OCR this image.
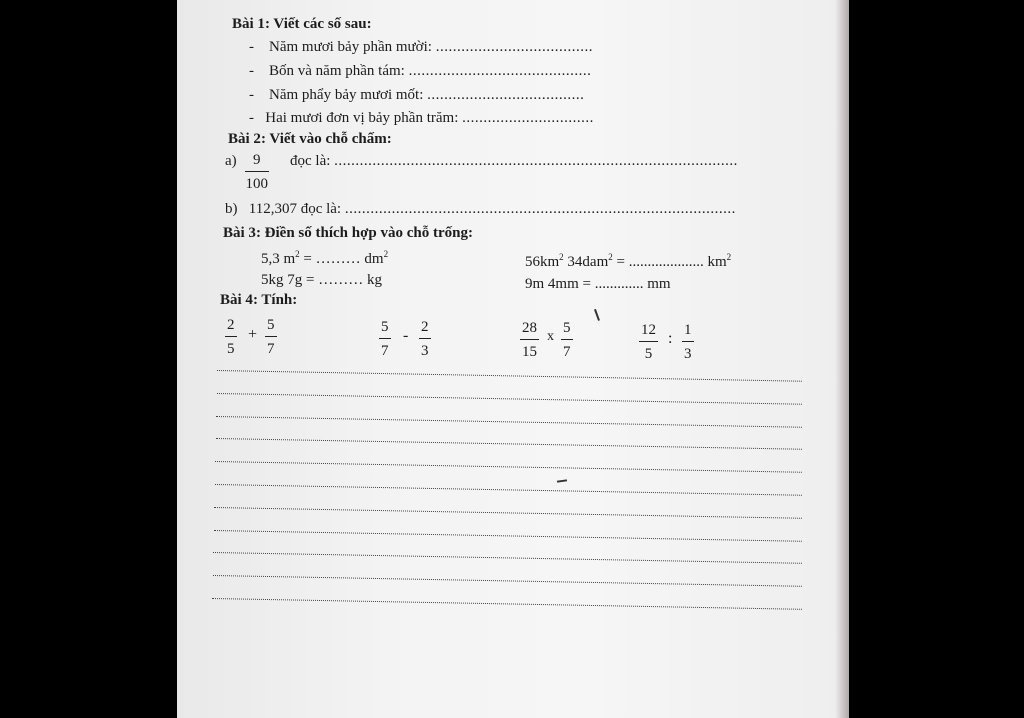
Bài 1: Viết các số sau:
- Năm mươi bảy phần mười: .....................................
- Bốn và năm phần tám: ...........................................
- Năm phẩy bảy mươi mốt: .....................................
- Hai mươi đơn vị bảy phần trăm: ...............................
Bài 2: Viết vào chỗ chấm:
$a) \frac{9}{100}$ đọc là: ...............................................................................................
b) 112,307 đọc là: ............................................................................................
Bài 3: Điền số thích hợp vào chỗ trống:
5,3 $m^2$ = ……… $dm^2$
5kg 7g = ……… kg
$56km^2$ 34dam$^2$ = .................... $km^2$
9m 4mm = ............. mm
Bài 4: Tính:
$\frac{2}{5} + \frac{5}{7}$	$\frac{5}{7} - \frac{2}{3}$	$\frac{28}{15}$ x $\frac{5}{7}$	$\frac{12}{5}$ : $\frac{1}{3}$
